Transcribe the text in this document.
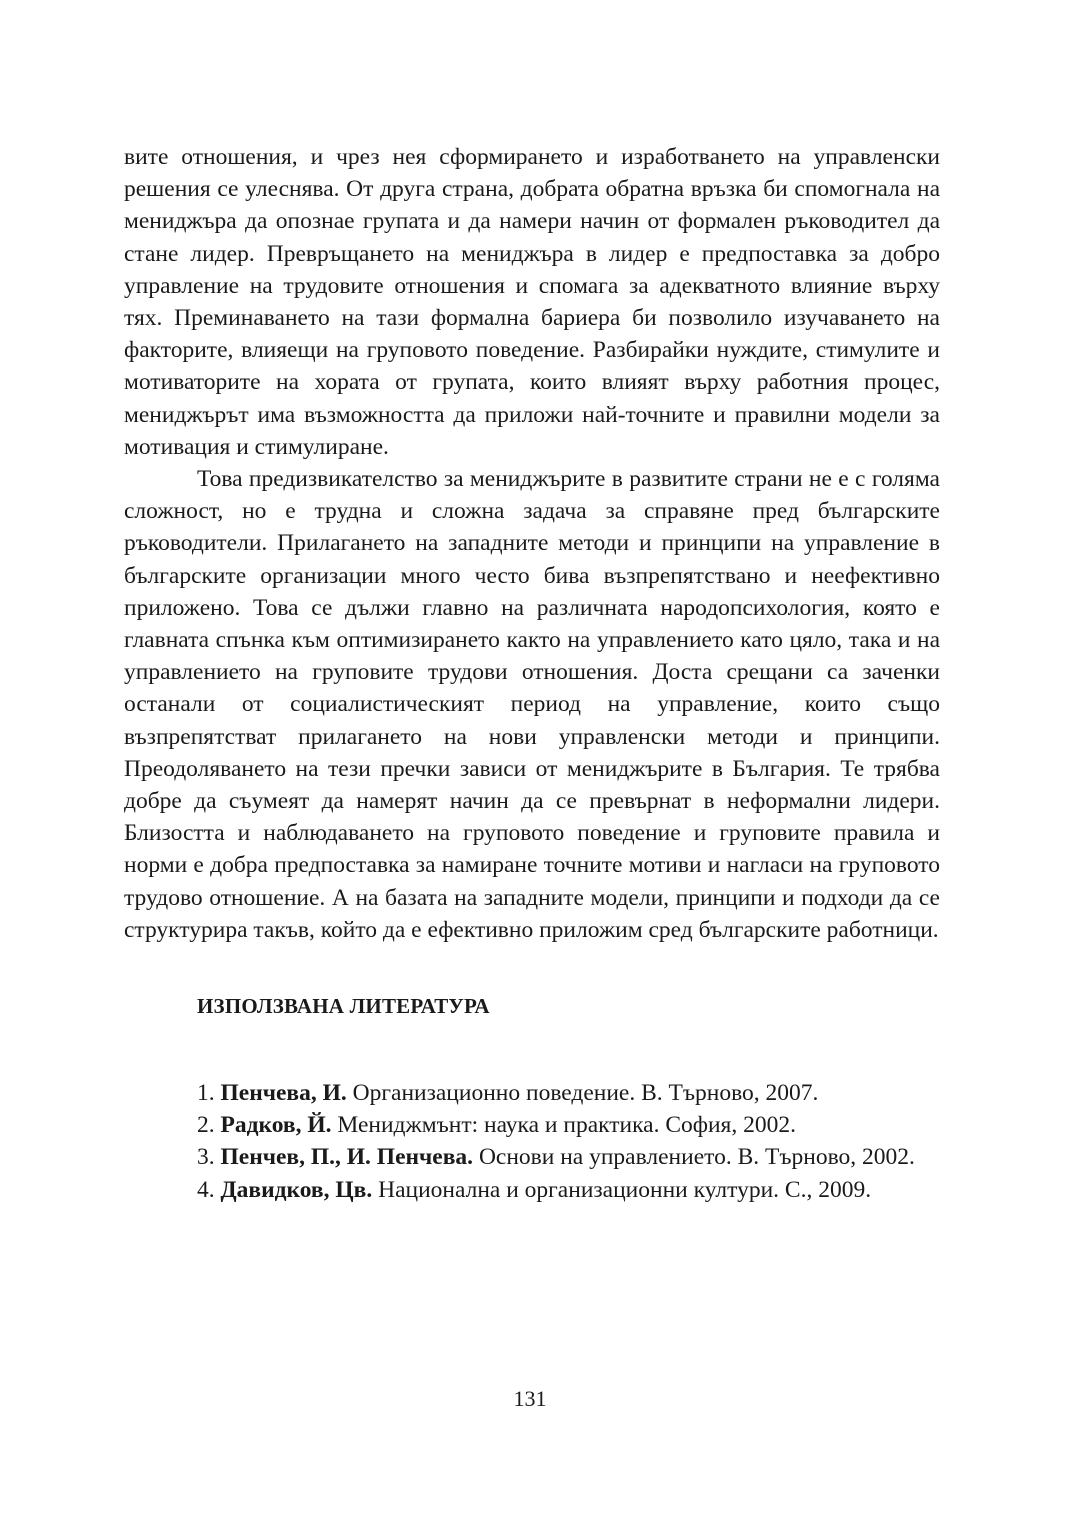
вите отношения, и чрез нея сформирането и изработването на управленски решения се улеснява. От друга страна, добрата обратна връзка би спомогнала на мениджъра да опознае групата и да намери начин от формален ръководител да стане лидер. Превръщането на мениджъра в лидер е предпоставка за добро управление на трудовите отношения и спомага за адекватното влияние върху тях. Преминаването на тази формална бариера би позволило изучаването на факторите, влияещи на груповото поведение. Разбирайки нуждите, стимулите и мотиваторите на хората от групата, които влияят върху работния процес, мениджърът има възможността да приложи най-точните и правилни модели за мотивация и стимулиране.

Това предизвикателство за мениджърите в развитите страни не е с голяма сложност, но е трудна и сложна задача за справяне пред българските ръководители. Прилагането на западните методи и принципи на управление в българските организации много често бива възпрепятствано и неефективно приложено. Това се дължи главно на различната народопсихология, която е главната спънка към оптимизирането както на управлението като цяло, така и на управлението на груповите трудови отношения. Доста срещани са заченки останали от социалистическият период на управление, които също възпрепятстват прилагането на нови управленски методи и принципи. Преодоляването на тези пречки зависи от мениджърите в България. Те трябва добре да съумеят да намерят начин да се превърнат в неформални лидери. Близостта и наблюдаването на груповото поведение и груповите правила и норми е добра предпоставка за намиране точните мотиви и нагласи на груповото трудово отношение. А на базата на западните модели, принципи и подходи да се структурира такъв, който да е ефективно приложим сред българските работници.

ИЗПОЛЗВАНА ЛИТЕРАТУРА

1. Пенчева, И. Организационно поведение. В. Търново, 2007.

2. Радков, Й. Мениджмънт: наука и практика. София, 2002.

3. Пенчев, П., И. Пенчева. Основи на управлението. В. Търново, 2002.

4. Давидков, Цв. Национална и организационни култури. С., 2009.

131
